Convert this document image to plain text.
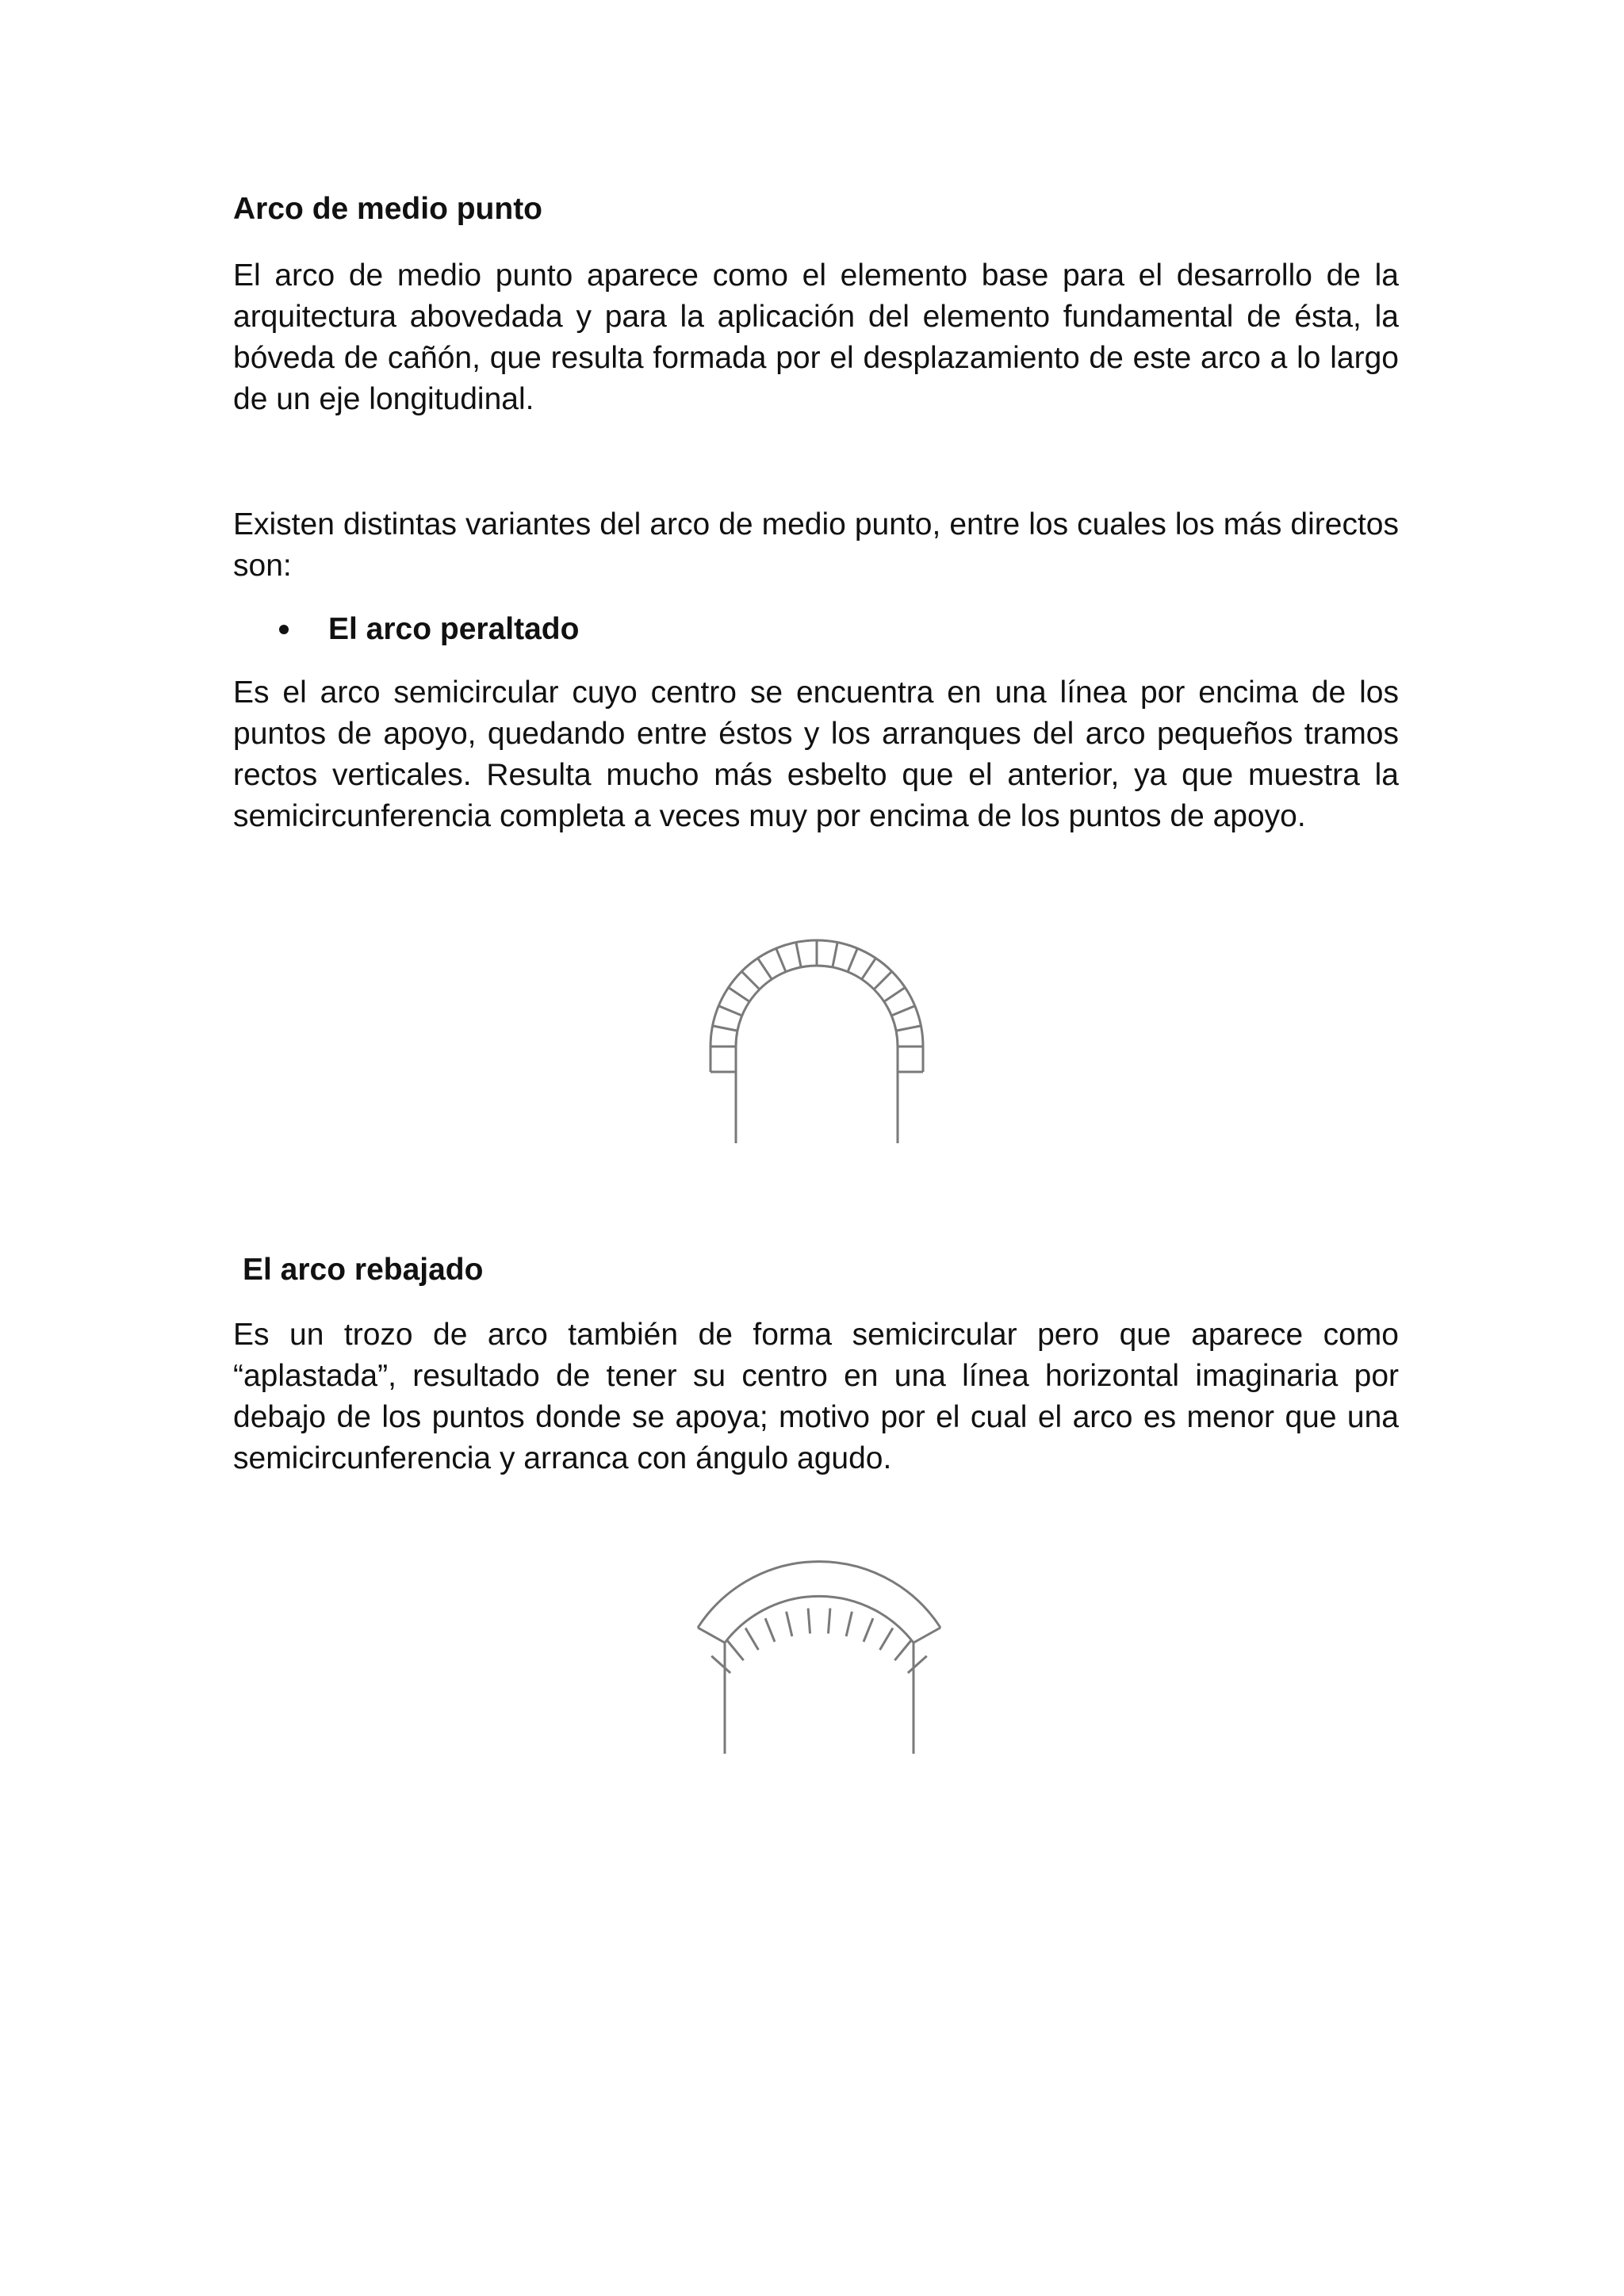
Arco de medio punto

El arco de medio punto aparece como el elemento base para el desarrollo de la arquitectura abovedada y para la aplicación del elemento fundamental de ésta, la bóveda de cañón, que resulta formada por el desplazamiento de este arco a lo largo de un eje longitudinal.

Existen distintas variantes del arco de medio punto, entre los cuales los más directos son:

El arco peraltado

Es el arco semicircular cuyo centro se encuentra en una línea por encima de los puntos de apoyo, quedando entre éstos y los arranques del arco pequeños tramos rectos verticales. Resulta mucho más esbelto que el anterior, ya que muestra la semicircunferencia completa a veces muy por encima de los puntos de apoyo.

El arco rebajado

Es un trozo de arco también de forma semicircular pero que aparece como “aplastada”, resultado de tener su centro en una línea horizontal imaginaria por debajo de los puntos donde se apoya; motivo por el cual el arco es menor que una semicircunferencia y arranca con ángulo agudo.
